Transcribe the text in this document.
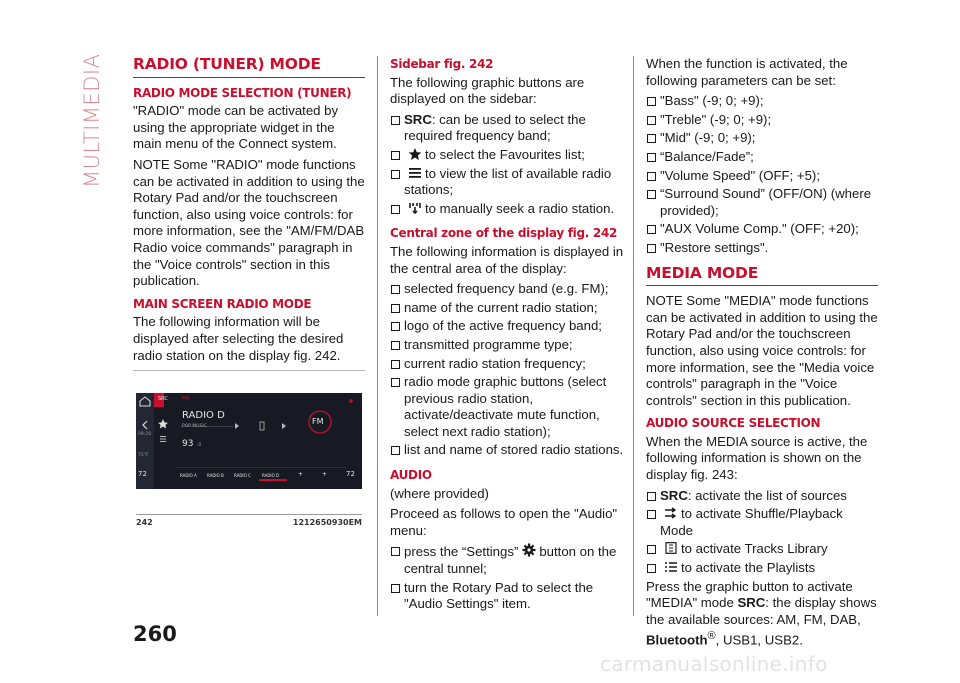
MULTIMEDIA RADIO (TUNER) MODE
RADIO MODE SELECTION (TUNER)

"RADIO" mode can be activated by using the appropriate widget in the main menu of the Connect system.

NOTE Some "RADIO" mode functions can be activated in addition to using the Rotary Pad and/or the touchscreen function, also using voice controls: for more information, see the "AM/FM/DAB Radio voice commands" paragraph in the "Voice controls" section in this publication.

MAIN SCREEN RADIO MODE

The following information will be displayed after selecting the desired radio station on the display fig. 242.

SRC	FM
RADIO D
POP MUSIC
93 .0
FM
09:28
75°F
72	72
RADIO A	RADIO B	RADIO C	RADIO D	+	+
242	1212650930EM
Sidebar fig. 242

The following graphic buttons are displayed on the sidebar:

SRC: can be used to select the required frequency band;
to select the Favourites list;
to view the list of available radio stations;
to manually seek a radio station.
Central zone of the display fig. 242

The following information is displayed in the central area of the display:

selected frequency band (e.g. FM);
name of the current radio station;
logo of the active frequency band;
transmitted programme type;
current radio station frequency;
radio mode graphic buttons (select previous radio station, activate/deactivate mute function, select next radio station);
list and name of stored radio stations.
AUDIO

(where provided)

Proceed as follows to open the "Audio" menu:

press the “Settings” button on the central tunnel;
turn the Rotary Pad to select the "Audio Settings" item.

When the function is activated, the following parameters can be set:

"Bass" (-9; 0; +9);
"Treble" (-9; 0; +9);
"Mid" (-9; 0; +9);
“Balance/Fade”;
"Volume Speed" (OFF; +5);
“Surround Sound” (OFF/ON) (where provided);
"AUX Volume Comp." (OFF; +20);
"Restore settings".
MEDIA MODE

NOTE Some "MEDIA" mode functions can be activated in addition to using the Rotary Pad and/or the touchscreen function, also using voice controls: for more information, see the "Media voice controls" paragraph in the "Voice controls" section in this publication.

AUDIO SOURCE SELECTION

When the MEDIA source is active, the following information is shown on the display fig. 243:

SRC: activate the list of sources
to activate Shuffle/Playback Mode
to activate Tracks Library
to activate the Playlists

Press the graphic button to activate "MEDIA" mode SRC: the display shows the available sources: AM, FM, DAB, Bluetooth®, USB1, USB2.

260
carmanualsonline.info
